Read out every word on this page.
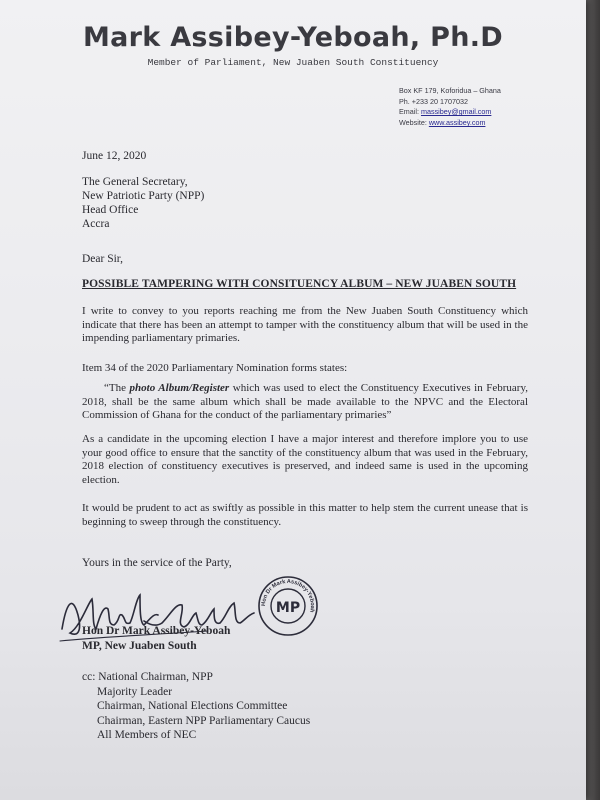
Mark Assibey-Yeboah, Ph.D
Member of Parliament, New Juaben South Constituency
Box KF 179, Koforidua – Ghana
Ph. +233 20 1707032
Email: massibey@gmail.com
Website: www.assibey.com
June 12, 2020
The General Secretary,
New Patriotic Party (NPP)
Head Office
Accra
Dear Sir,
POSSIBLE TAMPERING WITH CONSITUENCY ALBUM – NEW JUABEN SOUTH
I write to convey to you reports reaching me from the New Juaben South Constituency which indicate that there has been an attempt to tamper with the constituency album that will be used in the impending parliamentary primaries.
Item 34 of the 2020 Parliamentary Nomination forms states:
“The photo Album/Register which was used to elect the Constituency Executives in February, 2018, shall be the same album which shall be made available to the NPVC and the Electoral Commission of Ghana for the conduct of the parliamentary primaries”
As a candidate in the upcoming election I have a major interest and therefore implore you to use your good office to ensure that the sanctity of the constituency album that was used in the February, 2018 election of constituency executives is preserved, and indeed same is used in the upcoming election.
It would be prudent to act as swiftly as possible in this matter to help stem the current unease that is beginning to sweep through the constituency.
Yours in the service of the Party,
Hon Dr Mark Assibey-Yeboah
MP
Hon Dr Mark Assibey-Yeboah
MP, New Juaben South
cc: National Chairman, NPP
Majority Leader
Chairman, National Elections Committee
Chairman, Eastern NPP Parliamentary Caucus
All Members of NEC
